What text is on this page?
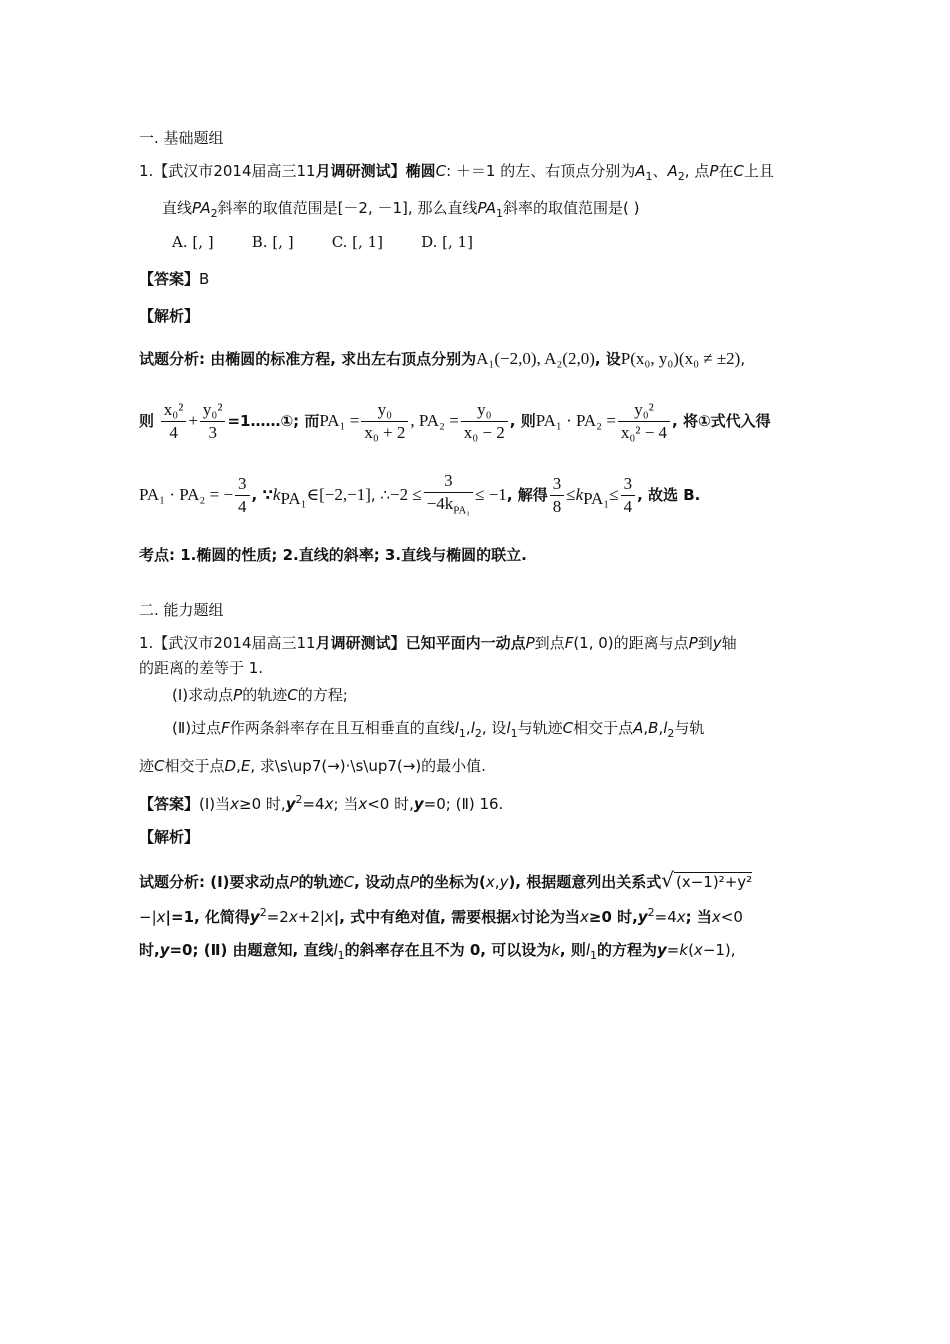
一. 基础题组
1.【武汉市2014届高三11月调研测试】椭圆C: ＋＝1 的左、右顶点分别为$A_1$、$A_2$, 点P在C上且
直线$PA_2$斜率的取值范围是[－2, －1], 那么直线$PA_1$斜率的取值范围是( )
A. [, ]        B. [, ]        C. [, 1]        D. [, 1]
【答案】B
【解析】
试题分析: 由椭圆的标准方程, 求出左右顶点分别为A₁(−2,0), A₂(2,0), 设P(x₀, y₀)(x₀ ≠ ±2),
则 $\frac{\text{x₀²}}{4} + \frac{\text{y₀²}}{3}$ =1……①; 而$PA_1 = \frac{\text{y₀}}{\text{x₀ + 2}}$ , $PA_2 = \frac{\text{y₀}}{\text{x₀ − 2}}$ , 则$PA_1 \cdot PA_2 = \frac{\text{y₀²}}{\text{x₀² − 4}}$ , 将①式代入得
PA₁ · PA₂ = − $\frac{3}{4}$ , $\because k_{PA_1}\in[-2,-1]$, ∴−2 ≤ $\frac{3}{-4k_{PA_1}} \le -1$, 解得 $\frac{3}{8} \le k_{PA_1}\le \frac{3}{4}$ , 故选 B.
考点: 1.椭圆的性质; 2.直线的斜率; 3.直线与椭圆的联立.
二. 能力题组
1.【武汉市2014届高三11月调研测试】已知平面内一动点P到点F(1, 0)的距离与点P到y轴
的距离的差等于 1.
(Ⅰ)求动点P的轨迹C的方程;
(Ⅱ)过点F作两条斜率存在且互相垂直的直线$l_1,l_2$, 设$l_1$与轨迹C相交于点$A,B,l_2$与轨
迹C相交于点D,E, 求\s\up7(→)·\s\up7(→)的最小值.
【答案】(Ⅰ)当x≥0 时$,y^2=4x$; 当x<0 时,y=0; (Ⅱ) 16.
【解析】
试题分析: (Ⅰ)要求动点P的轨迹C, 设动点P的坐标为(x,y), 根据题意列出关系式√ (x−1)²+y²
−|x|=1, 化简得$y^2=2x+2|x|$, 式中有绝对值, 需要根据x讨论为当x≥0 时$,y^2=4x$; 当x<0
时,y=0; (Ⅱ) 由题意知, 直线$l_1$的斜率存在且不为 0, 可以设为k, 则$l_1$的方程为y=k(x−1),
